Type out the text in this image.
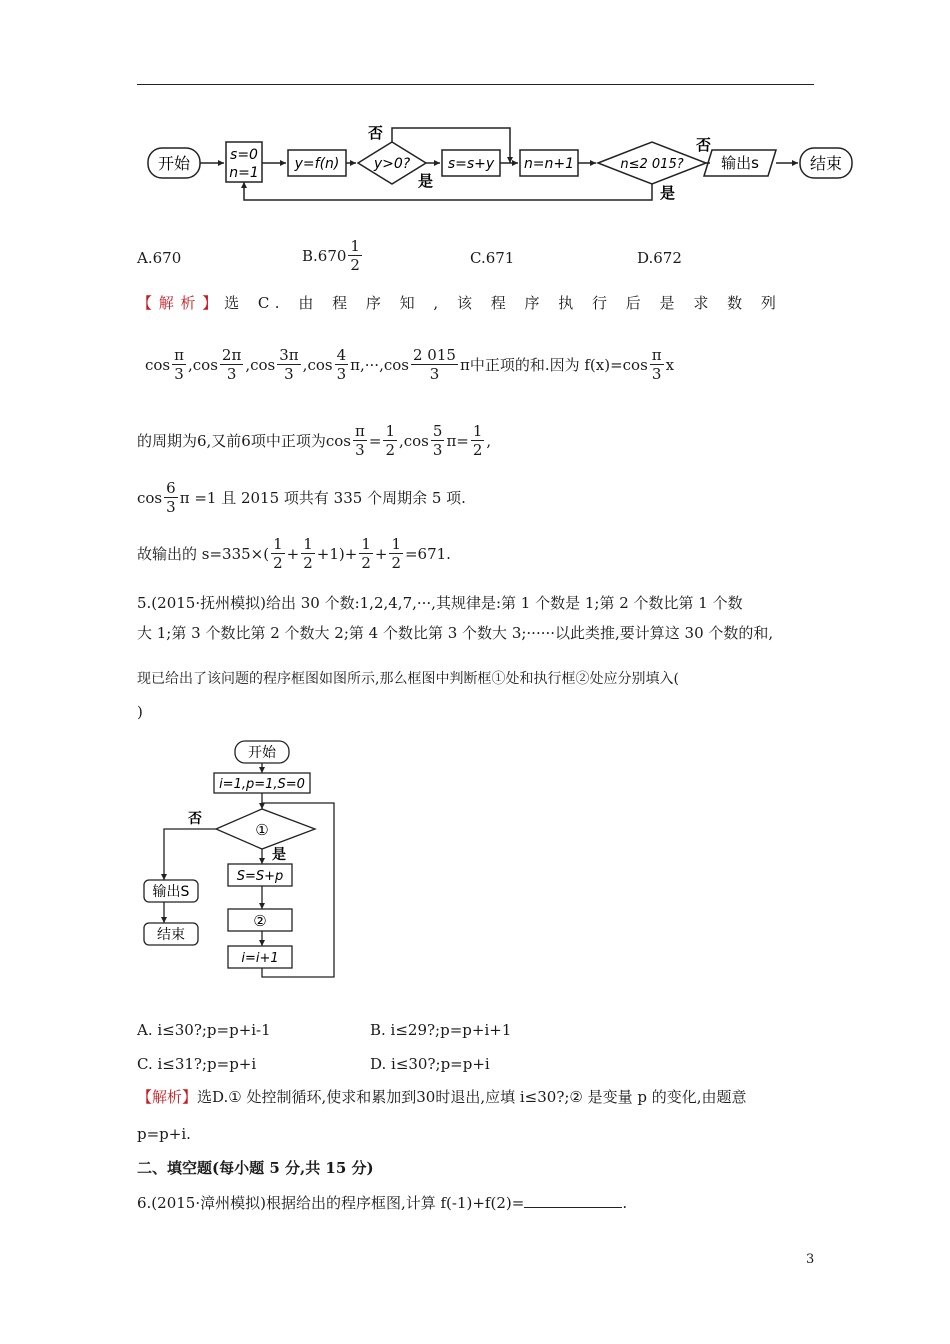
开始	s=0
n=1
y=f(n) y>0?
否
是
s=s+y n=n+1	n≤2 015?
否
是
输出s	结束
A.670	$B.670 \frac{1}{2}$	C.671	D.672
【 解 析 】 选 C. 由 程 序 知 , 该 程 序 执 行 后 是 求 数 列
$\cos \frac{\pi}{3}$ , $\cos \frac{2\pi}{3}$ , $\cos \frac{3\pi}{3}$ , $\cos \frac{4}{3}$ π , ··· , $\cos \frac{2 015}{3}$ π 中正项的和.因为 $f(x)=\cos \frac{\pi}{3}$ x
的周期为6,又前6项中正项为$\cos \frac{\pi}{3} = \frac{1}{2} ,\cos \frac{5}{3}$ $\pi = \frac{1}{2}$ ,
$\cos \frac{6}{3}$ π =1 且 2015 项共有 335 个周期余 5 项.
故输出的 $s=335\times( \frac{1}{2} + \frac{1}{2} +1)+ \frac{1}{2} + \frac{1}{2} =671$.
5.(2015·抚州模拟)给出 30 个数:1,2,4,7,···,其规律是:第 1 个数是 1;第 2 个数比第 1 个数
大 1;第 3 个数比第 2 个数大 2;第 4 个数比第 3 个数大 3;······以此类推,要计算这 30 个数的和,
现已给出了该问题的程序框图如图所示,那么框图中判断框①处和执行框②处应分别填入(
)
开始
i=1,p=1,S=0
①
否
是
S=S+p
②
i=i+1
输出S
结束
A. i≤30?;p=p+i-1	B. i≤29?;p=p+i+1
C. i≤31?;p=p+i	D. i≤30?;p=p+i
【解析】选D.① 处控制循环,使求和累加到30时退出,应填 i≤30?;② 是变量 p 的变化,由题意
p=p+i.
二、填空题(每小题 5 分,共 15 分)
6.(2015·漳州模拟)根据给出的程序框图,计算 f(-1)+f(2)=	.
3
